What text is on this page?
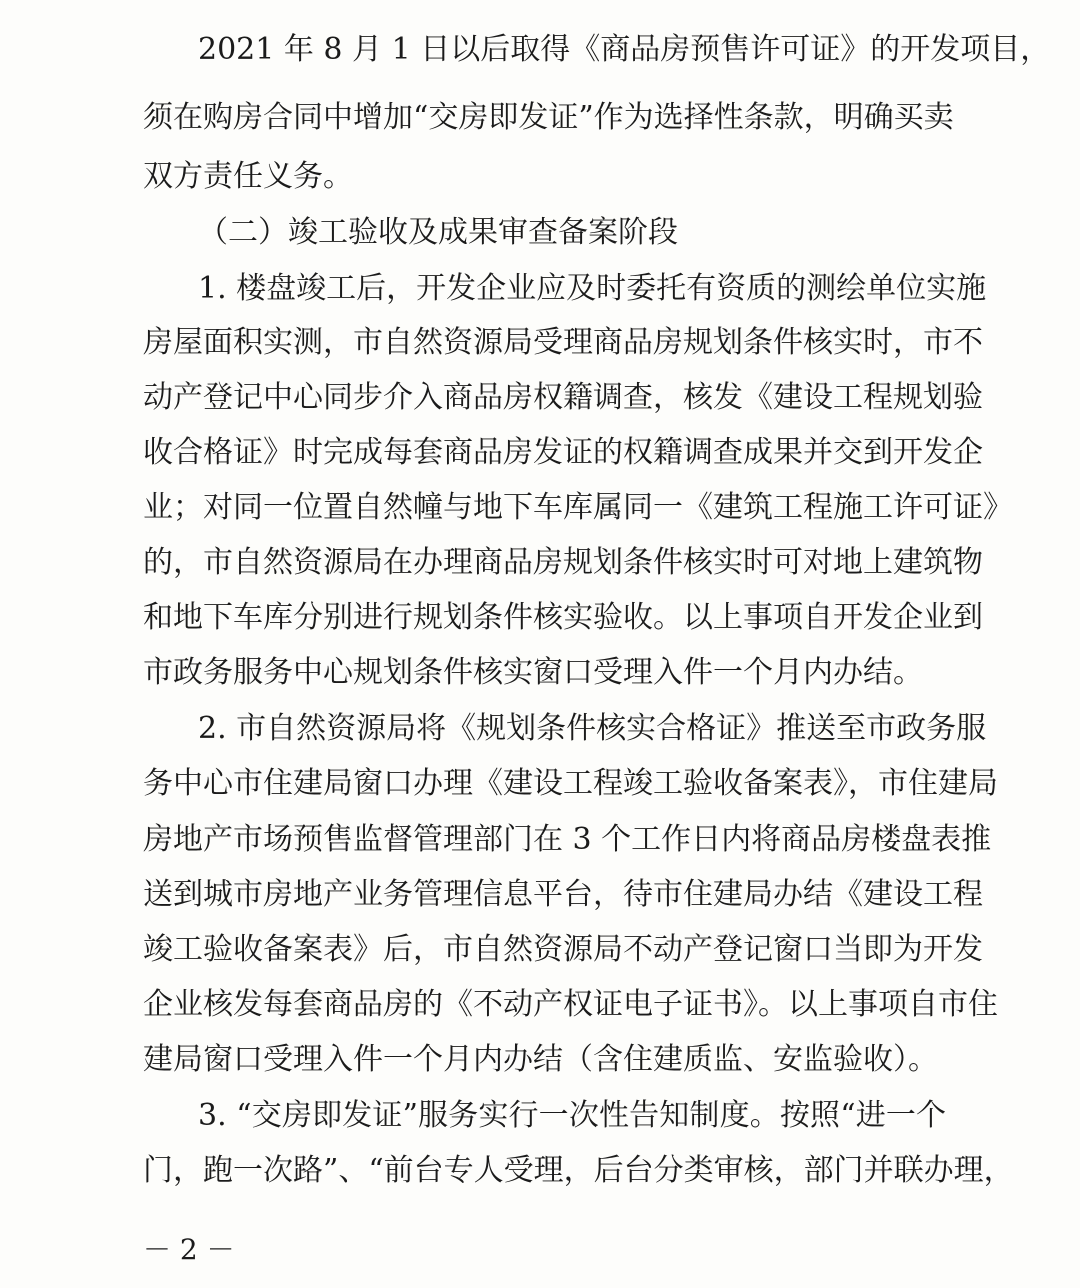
2021 年 8 月 1 日以后取得《商品房预售许可证》的开发项目，
须在购房合同中增加“交房即发证”作为选择性条款，明确买卖
双方责任义务。
（二）竣工验收及成果审查备案阶段
1. 楼盘竣工后，开发企业应及时委托有资质的测绘单位实施
房屋面积实测，市自然资源局受理商品房规划条件核实时，市不
动产登记中心同步介入商品房权籍调查，核发《建设工程规划验
收合格证》时完成每套商品房发证的权籍调查成果并交到开发企
业；对同一位置自然幢与地下车库属同一《建筑工程施工许可证》
的，市自然资源局在办理商品房规划条件核实时可对地上建筑物
和地下车库分别进行规划条件核实验收。以上事项自开发企业到
市政务服务中心规划条件核实窗口受理入件一个月内办结。
2. 市自然资源局将《规划条件核实合格证》推送至市政务服
务中心市住建局窗口办理《建设工程竣工验收备案表》，市住建局
房地产市场预售监督管理部门在 3 个工作日内将商品房楼盘表推
送到城市房地产业务管理信息平台，待市住建局办结《建设工程
竣工验收备案表》后，市自然资源局不动产登记窗口当即为开发
企业核发每套商品房的《不动产权证电子证书》。以上事项自市住
建局窗口受理入件一个月内办结（含住建质监、安监验收）。
3. “交房即发证”服务实行一次性告知制度。按照“进一个
门，跑一次路”、“前台专人受理，后台分类审核，部门并联办理，
－ 2 －
